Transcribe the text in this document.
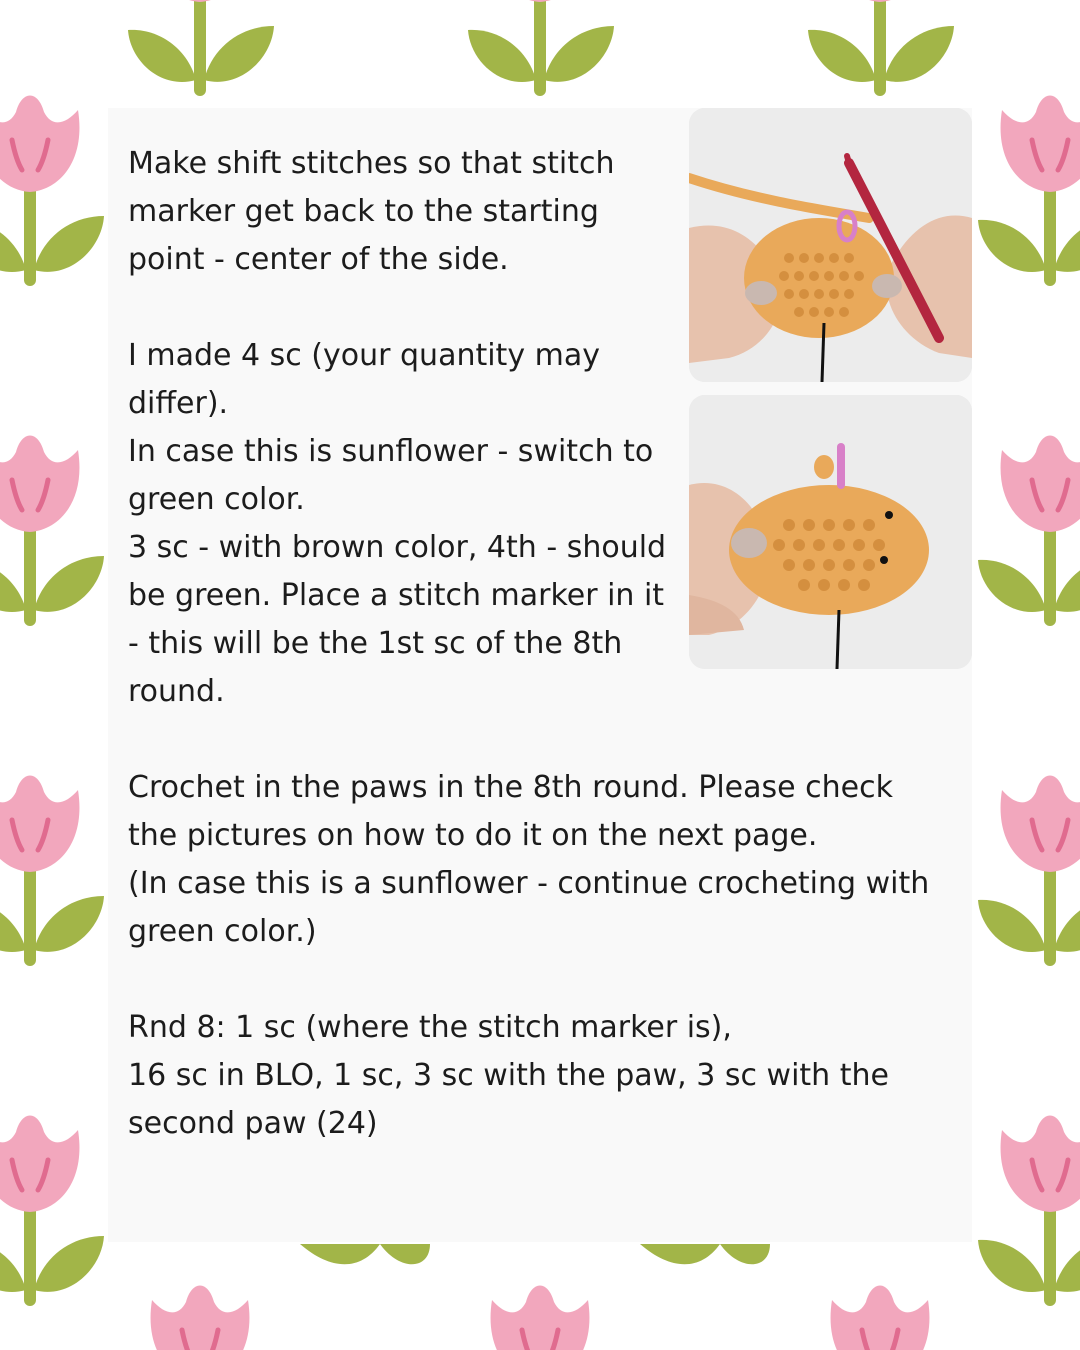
Make shift stitches so that stitch marker get back to the starting point - center of the side.

I made 4 sc (your quantity may differ).

In case this is sunflower - switch to green color.

3 sc - with brown color, 4th - should be green. Place a stitch marker in it - this will be the 1st sc of the 8th round.

Crochet in the paws in the 8th round. Please check the pictures on how to do it on the next page.

(In case this is a sunflower - continue crocheting with green color.)

Rnd 8: 1 sc (where the stitch marker is),

16 sc in BLO, 1 sc, 3 sc with the paw, 3 sc with the second paw (24)
